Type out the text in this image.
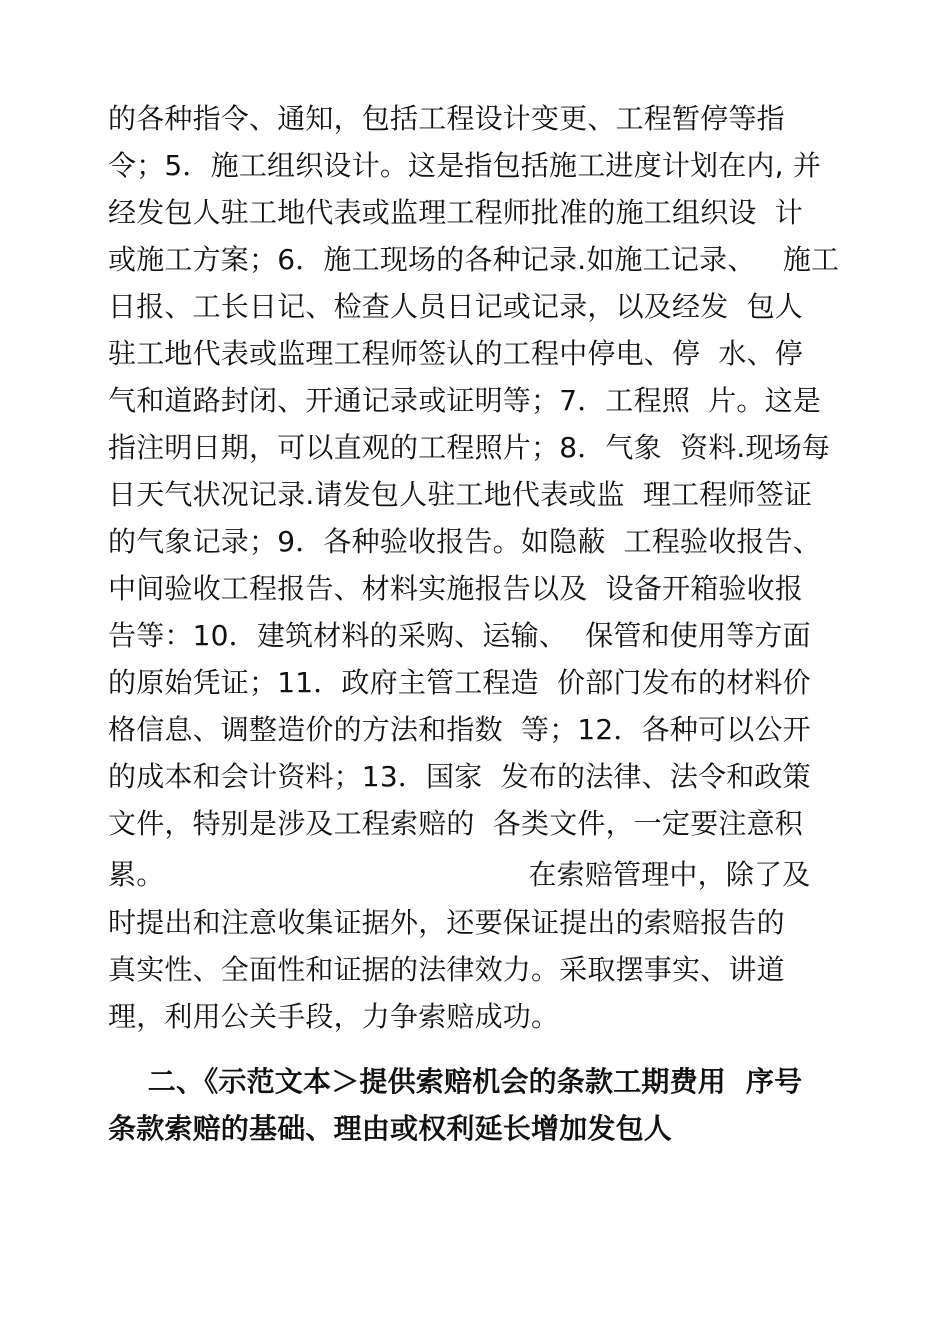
的各种指令、通知，包括工程设计变更、工程暂停等指
令；5．施工组织设计。这是指包括施工进度计划在内, 并
经发包人驻工地代表或监理工程师批准的施工组织设  计
或施工方案；6．施工现场的各种记录.如施工记录、   施工
日报、工长日记、检查人员日记或记录，以及经发  包人
驻工地代表或监理工程师签认的工程中停电、停  水、停
气和道路封闭、开通记录或证明等；7．工程照  片。这是
指注明日期，可以直观的工程照片；8．气象  资料.现场每
日天气状况记录.请发包人驻工地代表或监  理工程师签证
的气象记录；9．各种验收报告。如隐蔽  工程验收报告、
中间验收工程报告、材料实施报告以及  设备开箱验收报
告等：10．建筑材料的采购、运输、  保管和使用等方面
的原始凭证；11．政府主管工程造  价部门发布的材料价
格信息、调整造价的方法和指数  等；12．各种可以公开
的成本和会计资料；13．国家  发布的法律、法令和政策
文件，特别是涉及工程索赔的  各类文件，一定要注意积
累。                                        在索赔管理中，除了及
时提出和注意收集证据外，还要保证提出的索赔报告的
真实性、全面性和证据的法律效力。采取摆事实、讲道
理，利用公关手段，力争索赔成功。
二、《示范文本＞提供索赔机会的条款工期费用  序号
条款索赔的基础、理由或权利延长增加发包人
